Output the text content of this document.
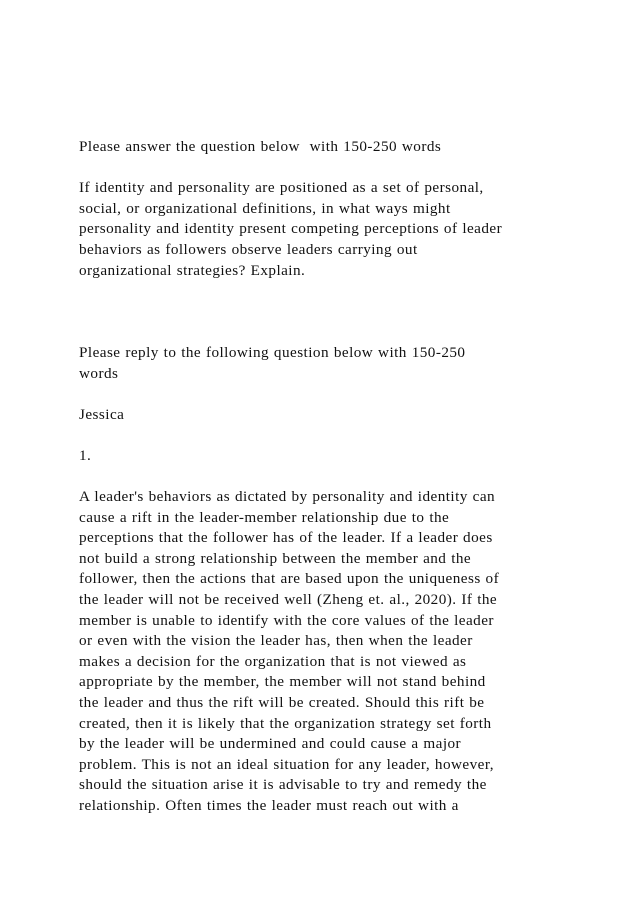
Please answer the question below  with 150-250 words
If identity and personality are positioned as a set of personal,
social, or organizational definitions, in what ways might
personality and identity present competing perceptions of leader
behaviors as followers observe leaders carrying out
organizational strategies? Explain.
Please reply to the following question below with 150-250
words
Jessica
1.
A leader's behaviors as dictated by personality and identity can
cause a rift in the leader-member relationship due to the
perceptions that the follower has of the leader. If a leader does
not build a strong relationship between the member and the
follower, then the actions that are based upon the uniqueness of
the leader will not be received well (Zheng et. al., 2020). If the
member is unable to identify with the core values of the leader
or even with the vision the leader has, then when the leader
makes a decision for the organization that is not viewed as
appropriate by the member, the member will not stand behind
the leader and thus the rift will be created. Should this rift be
created, then it is likely that the organization strategy set forth
by the leader will be undermined and could cause a major
problem. This is not an ideal situation for any leader, however,
should the situation arise it is advisable to try and remedy the
relationship. Often times the leader must reach out with a
